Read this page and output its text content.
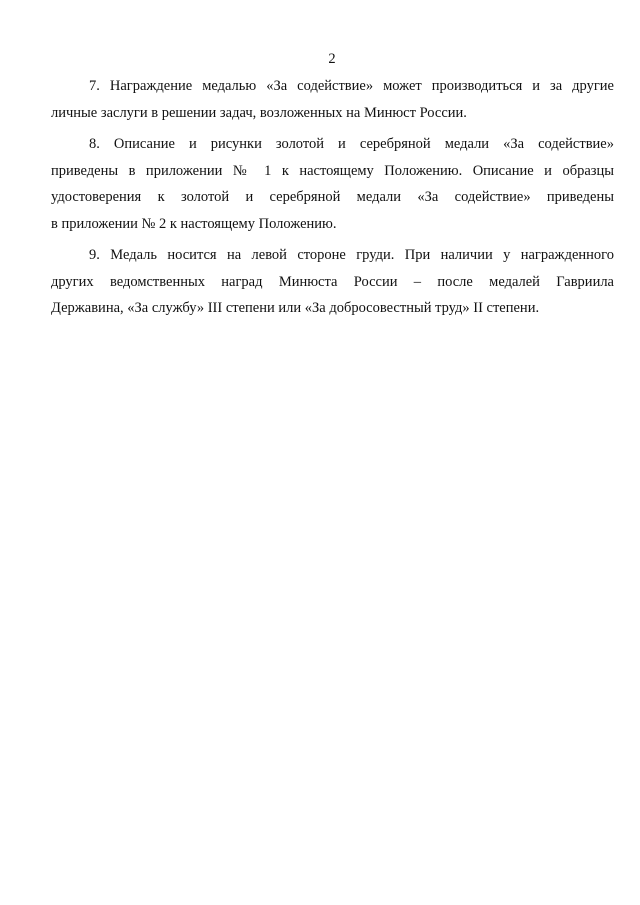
2

7. Награждение медалью «За содействие» может производиться и за другие
личные заслуги в решении задач, возложенных на Минюст России.

8. Описание и рисунки золотой и серебряной медали «За содействие»
приведены в приложении № 1 к настоящему Положению. Описание и образцы
удостоверения к золотой и серебряной медали «За содействие» приведены
в приложении № 2 к настоящему Положению.

9. Медаль носится на левой стороне груди. При наличии у награжденного
других ведомственных наград Минюста России – после медалей Гавриила
Державина, «За службу» III степени или «За добросовестный труд» II степени.
